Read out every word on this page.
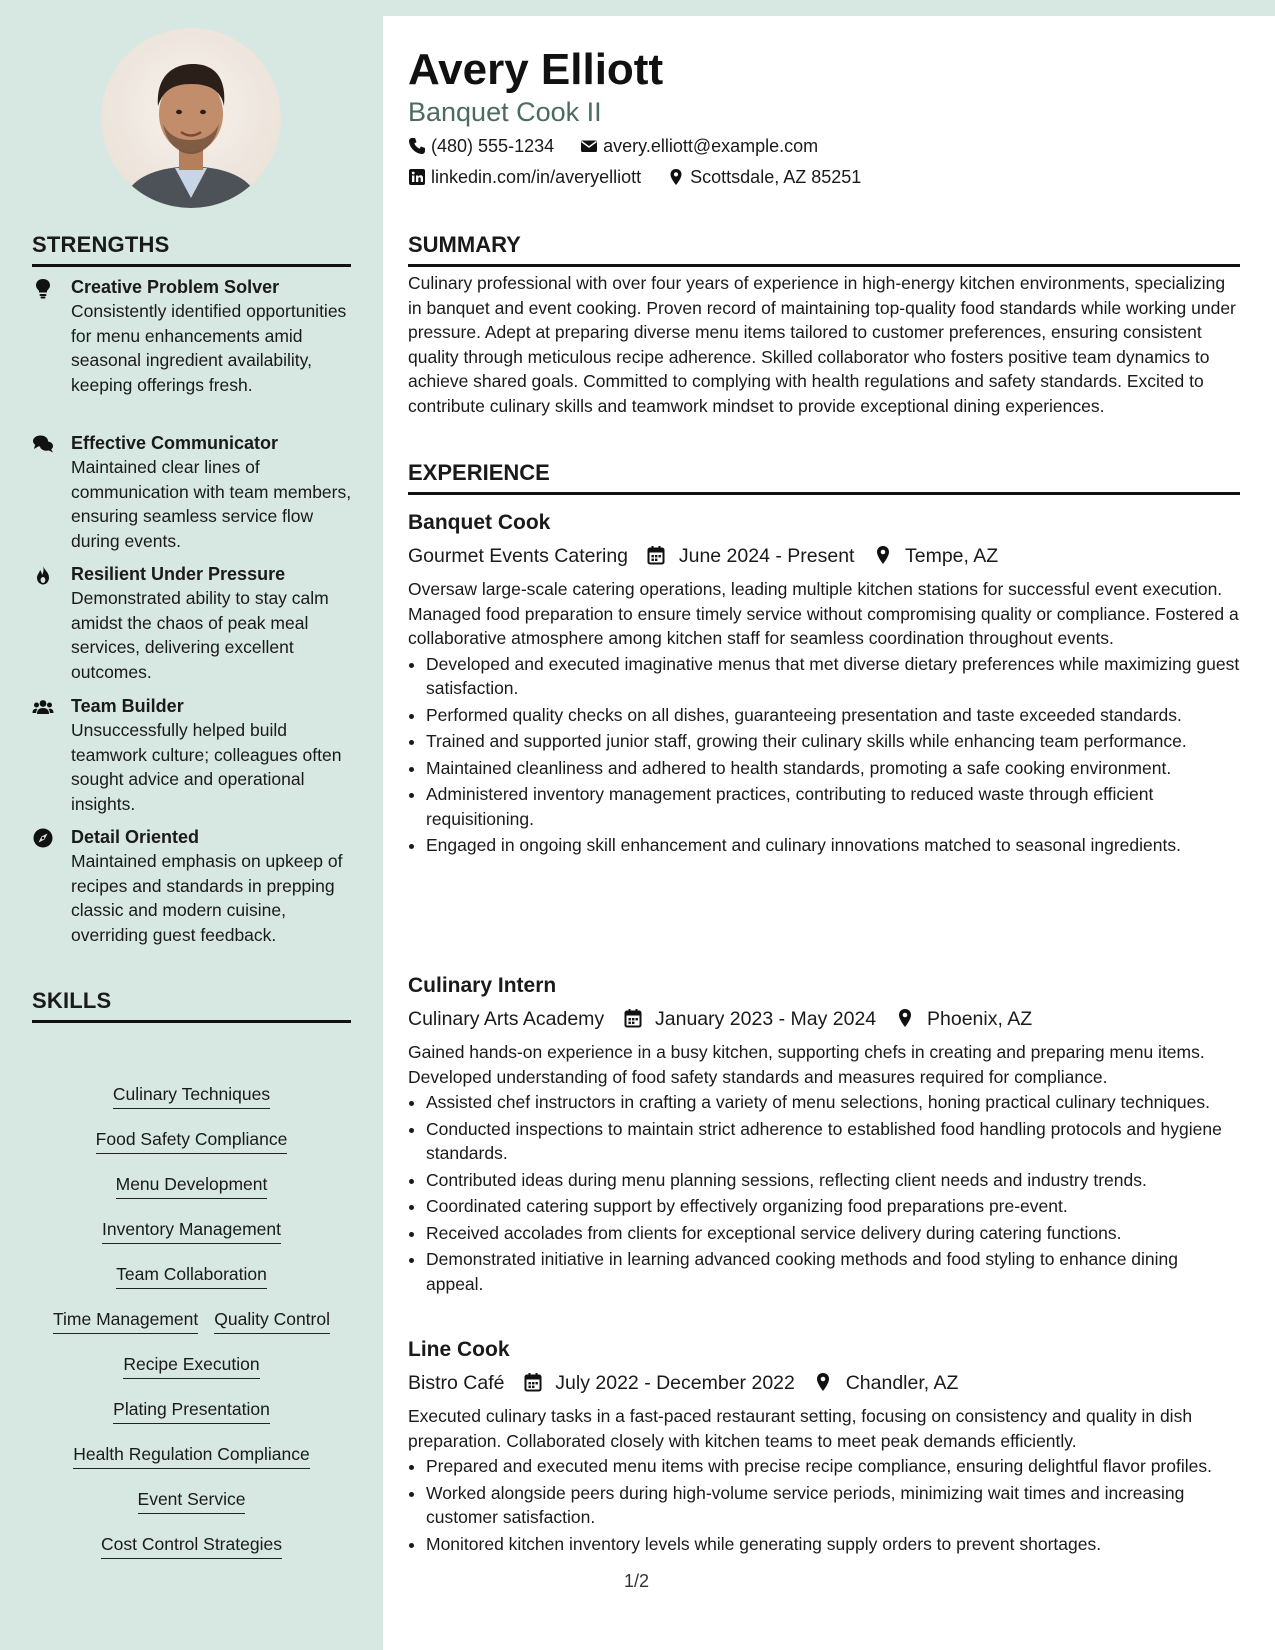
STRENGTHS
Creative Problem Solver
Consistently identified opportunities for menu enhancements amid seasonal ingredient availability, keeping offerings fresh.
Effective Communicator
Maintained clear lines of communication with team members, ensuring seamless service flow during events.
Resilient Under Pressure
Demonstrated ability to stay calm amidst the chaos of peak meal services, delivering excellent outcomes.
Team Builder
Unsuccessfully helped build teamwork culture; colleagues often sought advice and operational insights.
Detail Oriented
Maintained emphasis on upkeep of recipes and standards in prepping classic and modern cuisine, overriding guest feedback.
SKILLS
Culinary Techniques
Food Safety Compliance
Menu Development
Inventory Management
Team Collaboration
Time Management Quality Control
Recipe Execution
Plating Presentation
Health Regulation Compliance
Event Service
Cost Control Strategies
Avery Elliott
Banquet Cook II
(480) 555-1234	avery.elliott@example.com
linkedin.com/in/averyelliott	Scottsdale, AZ 85251
SUMMARY
Culinary professional with over four years of experience in high-energy kitchen environments, specializing in banquet and event cooking. Proven record of maintaining top-quality food standards while working under pressure. Adept at preparing diverse menu items tailored to customer preferences, ensuring consistent quality through meticulous recipe adherence. Skilled collaborator who fosters positive team dynamics to achieve shared goals. Committed to complying with health regulations and safety standards. Excited to contribute culinary skills and teamwork mindset to provide exceptional dining experiences.
EXPERIENCE
Banquet Cook
Gourmet Events Catering	June 2024 - Present	Tempe, AZ
Oversaw large-scale catering operations, leading multiple kitchen stations for successful event execution. Managed food preparation to ensure timely service without compromising quality or compliance. Fostered a collaborative atmosphere among kitchen staff for seamless coordination throughout events.
• Developed and executed imaginative menus that met diverse dietary preferences while maximizing guest satisfaction.
• Performed quality checks on all dishes, guaranteeing presentation and taste exceeded standards.
• Trained and supported junior staff, growing their culinary skills while enhancing team performance.
• Maintained cleanliness and adhered to health standards, promoting a safe cooking environment.
• Administered inventory management practices, contributing to reduced waste through efficient requisitioning.
• Engaged in ongoing skill enhancement and culinary innovations matched to seasonal ingredients.
Culinary Intern
Culinary Arts Academy	January 2023 - May 2024	Phoenix, AZ
Gained hands-on experience in a busy kitchen, supporting chefs in creating and preparing menu items. Developed understanding of food safety standards and measures required for compliance.
• Assisted chef instructors in crafting a variety of menu selections, honing practical culinary techniques.
• Conducted inspections to maintain strict adherence to established food handling protocols and hygiene standards.
• Contributed ideas during menu planning sessions, reflecting client needs and industry trends.
• Coordinated catering support by effectively organizing food preparations pre-event.
• Received accolades from clients for exceptional service delivery during catering functions.
• Demonstrated initiative in learning advanced cooking methods and food styling to enhance dining appeal.
Line Cook
Bistro Café	July 2022 - December 2022	Chandler, AZ
Executed culinary tasks in a fast-paced restaurant setting, focusing on consistency and quality in dish preparation. Collaborated closely with kitchen teams to meet peak demands efficiently.
• Prepared and executed menu items with precise recipe compliance, ensuring delightful flavor profiles.
• Worked alongside peers during high-volume service periods, minimizing wait times and increasing customer satisfaction.
• Monitored kitchen inventory levels while generating supply orders to prevent shortages.
1/2
